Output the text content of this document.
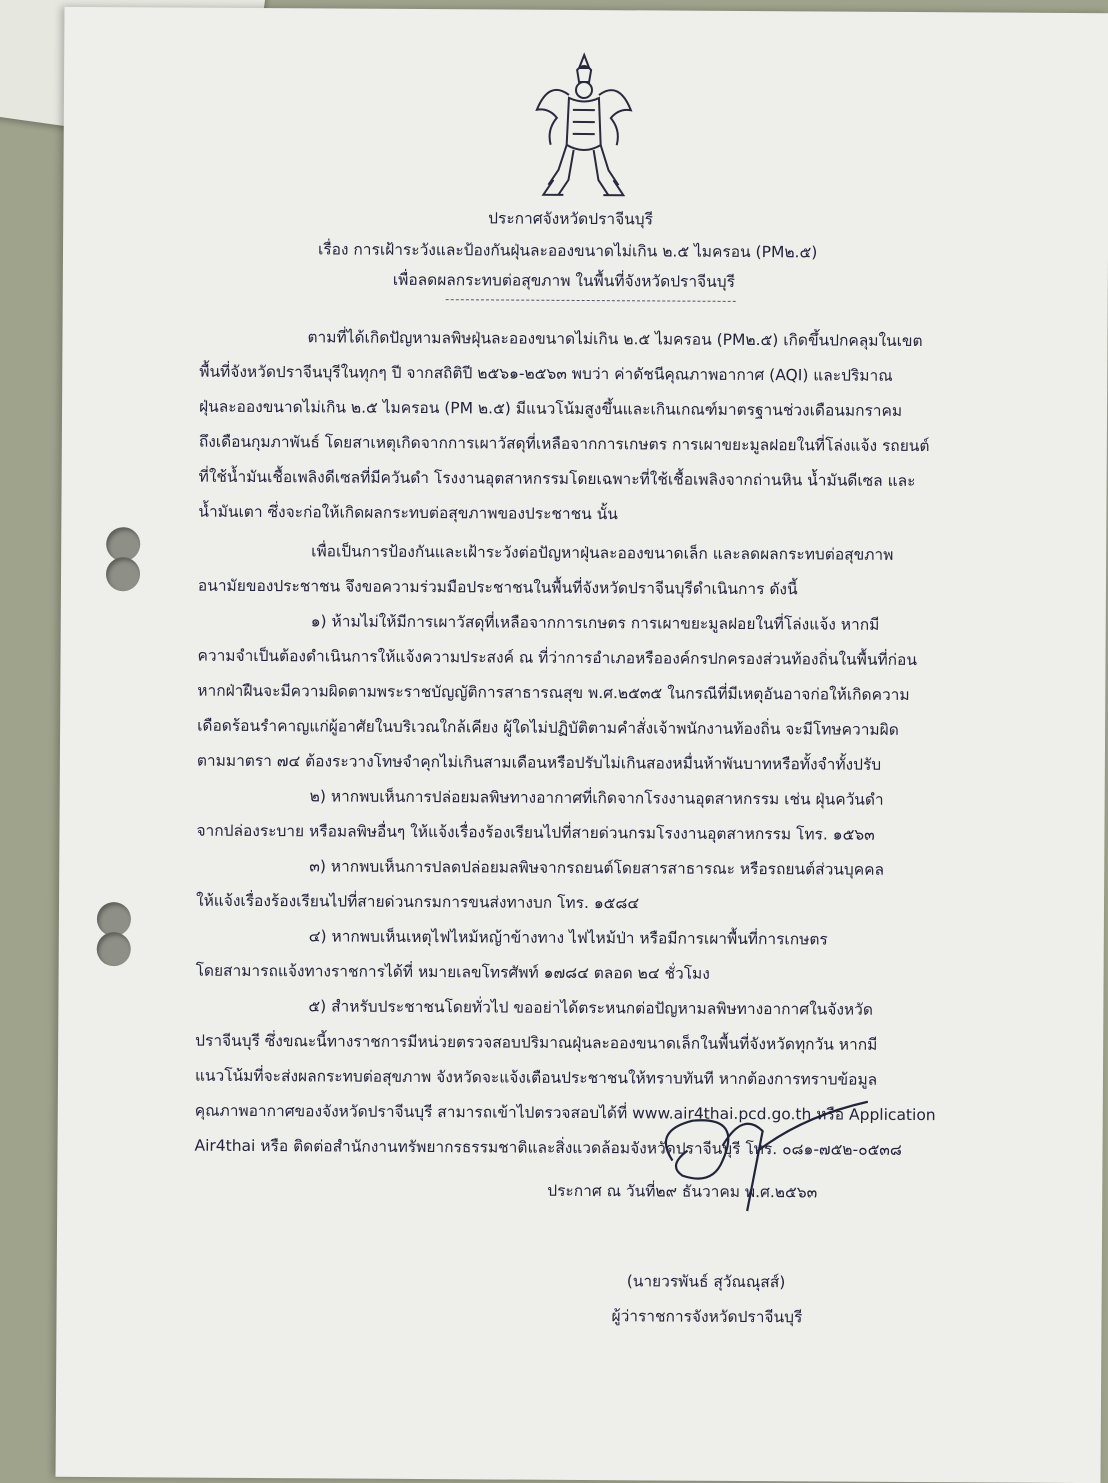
ประกาศจังหวัดปราจีนบุรี
เรื่อง การเฝ้าระวังและป้องกันฝุ่นละอองขนาดไม่เกิน ๒.๕ ไมครอน (PM๒.๕)
เพื่อลดผลกระทบต่อสุขภาพ ในพื้นที่จังหวัดปราจีนบุรี
ตามที่ได้เกิดปัญหามลพิษฝุ่นละอองขนาดไม่เกิน ๒.๕ ไมครอน (PM๒.๕) เกิดขึ้นปกคลุมในเขต
พื้นที่จังหวัดปราจีนบุรีในทุกๆ ปี จากสถิติปี ๒๕๖๑-๒๕๖๓ พบว่า ค่าดัชนีคุณภาพอากาศ (AQI) และปริมาณ
ฝุ่นละอองขนาดไม่เกิน ๒.๕ ไมครอน (PM ๒.๕) มีแนวโน้มสูงขึ้นและเกินเกณฑ์มาตรฐานช่วงเดือนมกราคม
ถึงเดือนกุมภาพันธ์ โดยสาเหตุเกิดจากการเผาวัสดุที่เหลือจากการเกษตร การเผาขยะมูลฝอยในที่โล่งแจ้ง รถยนต์
ที่ใช้น้ำมันเชื้อเพลิงดีเซลที่มีควันดำ โรงงานอุตสาหกรรมโดยเฉพาะที่ใช้เชื้อเพลิงจากถ่านหิน น้ำมันดีเซล และ
น้ำมันเตา ซึ่งจะก่อให้เกิดผลกระทบต่อสุขภาพของประชาชน นั้น
เพื่อเป็นการป้องกันและเฝ้าระวังต่อปัญหาฝุ่นละอองขนาดเล็ก และลดผลกระทบต่อสุขภาพ
อนามัยของประชาชน จึงขอความร่วมมือประชาชนในพื้นที่จังหวัดปราจีนบุรีดำเนินการ ดังนี้
๑) ห้ามไม่ให้มีการเผาวัสดุที่เหลือจากการเกษตร การเผาขยะมูลฝอยในที่โล่งแจ้ง หากมี
ความจำเป็นต้องดำเนินการให้แจ้งความประสงค์ ณ ที่ว่าการอำเภอหรือองค์กรปกครองส่วนท้องถิ่นในพื้นที่ก่อน
หากฝ่าฝืนจะมีความผิดตามพระราชบัญญัติการสาธารณสุข พ.ศ.๒๕๓๕ ในกรณีที่มีเหตุอันอาจก่อให้เกิดความ
เดือดร้อนรำคาญแก่ผู้อาศัยในบริเวณใกล้เคียง ผู้ใดไม่ปฏิบัติตามคำสั่งเจ้าพนักงานท้องถิ่น จะมีโทษความผิด
ตามมาตรา ๗๔ ต้องระวางโทษจำคุกไม่เกินสามเดือนหรือปรับไม่เกินสองหมื่นห้าพันบาทหรือทั้งจำทั้งปรับ
๒) หากพบเห็นการปล่อยมลพิษทางอากาศที่เกิดจากโรงงานอุตสาหกรรม เช่น ฝุ่นควันดำ
จากปล่องระบาย หรือมลพิษอื่นๆ ให้แจ้งเรื่องร้องเรียนไปที่สายด่วนกรมโรงงานอุตสาหกรรม โทร. ๑๕๖๓
๓) หากพบเห็นการปลดปล่อยมลพิษจากรถยนต์โดยสารสาธารณะ หรือรถยนต์ส่วนบุคคล
ให้แจ้งเรื่องร้องเรียนไปที่สายด่วนกรมการขนส่งทางบก โทร. ๑๕๘๔
๔) หากพบเห็นเหตุไฟไหม้หญ้าข้างทาง ไฟไหม้ป่า หรือมีการเผาพื้นที่การเกษตร
โดยสามารถแจ้งทางราชการได้ที่ หมายเลขโทรศัพท์ ๑๗๘๔ ตลอด ๒๔ ชั่วโมง
๕) สำหรับประชาชนโดยทั่วไป ขออย่าได้ตระหนกต่อปัญหามลพิษทางอากาศในจังหวัด
ปราจีนบุรี ซึ่งขณะนี้ทางราชการมีหน่วยตรวจสอบปริมาณฝุ่นละอองขนาดเล็กในพื้นที่จังหวัดทุกวัน หากมี
แนวโน้มที่จะส่งผลกระทบต่อสุขภาพ จังหวัดจะแจ้งเตือนประชาชนให้ทราบทันที หากต้องการทราบข้อมูล
คุณภาพอากาศของจังหวัดปราจีนบุรี สามารถเข้าไปตรวจสอบได้ที่ www.air4thai.pcd.go.th หรือ Application
Air4thai หรือ ติดต่อสำนักงานทรัพยากรธรรมชาติและสิ่งแวดล้อมจังหวัดปราจีนบุรี โทร. ๐๘๑-๗๕๒-๐๕๓๘
ประกาศ ณ วันที่๒๙ ธันวาคม พ.ศ.๒๕๖๓
(นายวรพันธ์ สุวัณณุสส์)
ผู้ว่าราชการจังหวัดปราจีนบุรี
